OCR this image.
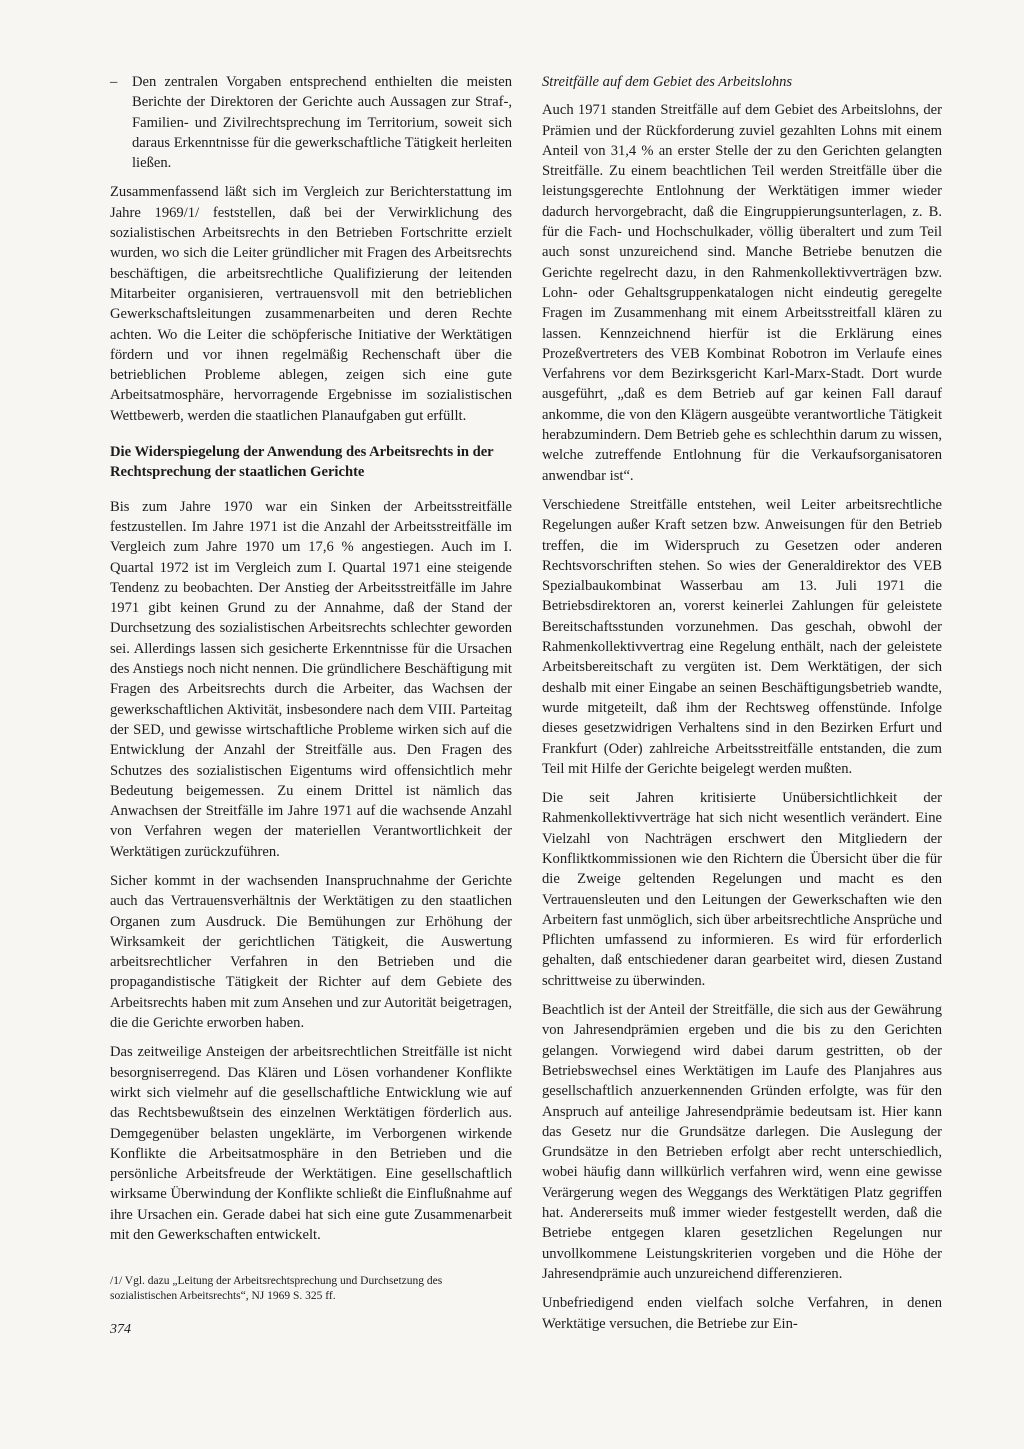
– Den zentralen Vorgaben entsprechend enthielten die meisten Berichte der Direktoren der Gerichte auch Aussagen zur Straf-, Familien- und Zivilrechtsprechung im Territorium, soweit sich daraus Erkenntnisse für die gewerkschaftliche Tätigkeit herleiten ließen.

Zusammenfassend läßt sich im Vergleich zur Berichterstattung im Jahre 1969/1/ feststellen, daß bei der Verwirklichung des sozialistischen Arbeitsrechts in den Betrieben Fortschritte erzielt wurden, wo sich die Leiter gründlicher mit Fragen des Arbeitsrechts beschäftigen, die arbeitsrechtliche Qualifizierung der leitenden Mitarbeiter organisieren, vertrauensvoll mit den betrieblichen Gewerkschaftsleitungen zusammenarbeiten und deren Rechte achten. Wo die Leiter die schöpferische Initiative der Werktätigen fördern und vor ihnen regelmäßig Rechenschaft über die betrieblichen Probleme ablegen, zeigen sich eine gute Arbeitsatmosphäre, hervorragende Ergebnisse im sozialistischen Wettbewerb, werden die staatlichen Planaufgaben gut erfüllt.

Die Widerspiegelung der Anwendung des Arbeitsrechts in der Rechtsprechung der staatlichen Gerichte

Bis zum Jahre 1970 war ein Sinken der Arbeitsstreitfälle festzustellen. Im Jahre 1971 ist die Anzahl der Arbeitsstreitfälle im Vergleich zum Jahre 1970 um 17,6 % angestiegen. Auch im I. Quartal 1972 ist im Vergleich zum I. Quartal 1971 eine steigende Tendenz zu beobachten. Der Anstieg der Arbeitsstreitfälle im Jahre 1971 gibt keinen Grund zu der Annahme, daß der Stand der Durchsetzung des sozialistischen Arbeitsrechts schlechter geworden sei. Allerdings lassen sich gesicherte Erkenntnisse für die Ursachen des Anstiegs noch nicht nennen. Die gründlichere Beschäftigung mit Fragen des Arbeitsrechts durch die Arbeiter, das Wachsen der gewerkschaftlichen Aktivität, insbesondere nach dem VIII. Parteitag der SED, und gewisse wirtschaftliche Probleme wirken sich auf die Entwicklung der Anzahl der Streitfälle aus. Den Fragen des Schutzes des sozialistischen Eigentums wird offensichtlich mehr Bedeutung beigemessen. Zu einem Drittel ist nämlich das Anwachsen der Streitfälle im Jahre 1971 auf die wachsende Anzahl von Verfahren wegen der materiellen Verantwortlichkeit der Werktätigen zurückzuführen.

Sicher kommt in der wachsenden Inanspruchnahme der Gerichte auch das Vertrauensverhältnis der Werktätigen zu den staatlichen Organen zum Ausdruck. Die Bemühungen zur Erhöhung der Wirksamkeit der gerichtlichen Tätigkeit, die Auswertung arbeitsrechtlicher Verfahren in den Betrieben und die propagandistische Tätigkeit der Richter auf dem Gebiete des Arbeitsrechts haben mit zum Ansehen und zur Autorität beigetragen, die die Gerichte erworben haben.

Das zeitweilige Ansteigen der arbeitsrechtlichen Streitfälle ist nicht besorgniserregend. Das Klären und Lösen vorhandener Konflikte wirkt sich vielmehr auf die gesellschaftliche Entwicklung wie auf das Rechtsbewußtsein des einzelnen Werktätigen förderlich aus. Demgegenüber belasten ungeklärte, im Verborgenen wirkende Konflikte die Arbeitsatmosphäre in den Betrieben und die persönliche Arbeitsfreude der Werktätigen. Eine gesellschaftlich wirksame Überwindung der Konflikte schließt die Einflußnahme auf ihre Ursachen ein. Gerade dabei hat sich eine gute Zusammenarbeit mit den Gewerkschaften entwickelt.

Streitfälle auf dem Gebiet des Arbeitslohns

Auch 1971 standen Streitfälle auf dem Gebiet des Arbeitslohns, der Prämien und der Rückforderung zuviel gezahlten Lohns mit einem Anteil von 31,4 % an erster Stelle der zu den Gerichten gelangten Streitfälle. Zu einem beachtlichen Teil werden Streitfälle über die leistungsgerechte Entlohnung der Werktätigen immer wieder dadurch hervorgebracht, daß die Eingruppierungsunterlagen, z. B. für die Fach- und Hochschulkader, völlig überaltert und zum Teil auch sonst unzureichend sind. Manche Betriebe benutzen die Gerichte regelrecht dazu, in den Rahmenkollektivverträgen bzw. Lohn- oder Gehaltsgruppenkatalogen nicht eindeutig geregelte Fragen im Zusammenhang mit einem Arbeitsstreitfall klären zu lassen. Kennzeichnend hierfür ist die Erklärung eines Prozeßvertreters des VEB Kombinat Robotron im Verlaufe eines Verfahrens vor dem Bezirksgericht Karl-Marx-Stadt. Dort wurde ausgeführt, „daß es dem Betrieb auf gar keinen Fall darauf ankomme, die von den Klägern ausgeübte verantwortliche Tätigkeit herabzumindern. Dem Betrieb gehe es schlechthin darum zu wissen, welche zutreffende Entlohnung für die Verkaufsorganisatoren anwendbar ist“.

Verschiedene Streitfälle entstehen, weil Leiter arbeitsrechtliche Regelungen außer Kraft setzen bzw. Anweisungen für den Betrieb treffen, die im Widerspruch zu Gesetzen oder anderen Rechtsvorschriften stehen. So wies der Generaldirektor des VEB Spezialbaukombinat Wasserbau am 13. Juli 1971 die Betriebsdirektoren an, vorerst keinerlei Zahlungen für geleistete Bereitschaftsstunden vorzunehmen. Das geschah, obwohl der Rahmenkollektivvertrag eine Regelung enthält, nach der geleistete Arbeitsbereitschaft zu vergüten ist. Dem Werktätigen, der sich deshalb mit einer Eingabe an seinen Beschäftigungsbetrieb wandte, wurde mitgeteilt, daß ihm der Rechtsweg offenstünde. Infolge dieses gesetzwidrigen Verhaltens sind in den Bezirken Erfurt und Frankfurt (Oder) zahlreiche Arbeitsstreitfälle entstanden, die zum Teil mit Hilfe der Gerichte beigelegt werden mußten.

Die seit Jahren kritisierte Unübersichtlichkeit der Rahmenkollektivverträge hat sich nicht wesentlich verändert. Eine Vielzahl von Nachträgen erschwert den Mitgliedern der Konfliktkommissionen wie den Richtern die Übersicht über die für die Zweige geltenden Regelungen und macht es den Vertrauensleuten und den Leitungen der Gewerkschaften wie den Arbeitern fast unmöglich, sich über arbeitsrechtliche Ansprüche und Pflichten umfassend zu informieren. Es wird für erforderlich gehalten, daß entschiedener daran gearbeitet wird, diesen Zustand schrittweise zu überwinden.

Beachtlich ist der Anteil der Streitfälle, die sich aus der Gewährung von Jahresendprämien ergeben und die bis zu den Gerichten gelangen. Vorwiegend wird dabei darum gestritten, ob der Betriebswechsel eines Werktätigen im Laufe des Planjahres aus gesellschaftlich anzuerkennenden Gründen erfolgte, was für den Anspruch auf anteilige Jahresendprämie bedeutsam ist. Hier kann das Gesetz nur die Grundsätze darlegen. Die Auslegung der Grundsätze in den Betrieben erfolgt aber recht unterschiedlich, wobei häufig dann willkürlich verfahren wird, wenn eine gewisse Verärgerung wegen des Weggangs des Werktätigen Platz gegriffen hat. Andererseits muß immer wieder festgestellt werden, daß die Betriebe entgegen klaren gesetzlichen Regelungen nur unvollkommene Leistungskriterien vorgeben und die Höhe der Jahresendprämie auch unzureichend differenzieren.

Unbefriedigend enden vielfach solche Verfahren, in denen Werktätige versuchen, die Betriebe zur Ein-

/1/ Vgl. dazu „Leitung der Arbeitsrechtsprechung und Durchsetzung des sozialistischen Arbeitsrechts“, NJ 1969 S. 325 ff.
374
